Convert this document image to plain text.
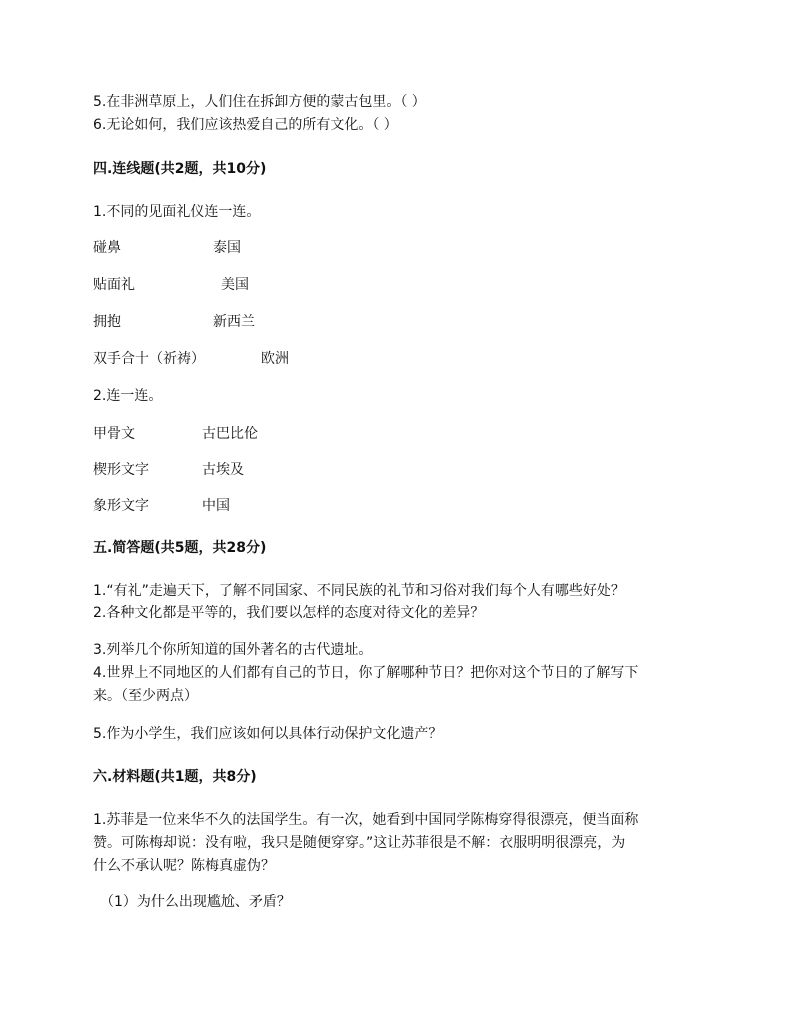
5.在非洲草原上，人们住在拆卸方便的蒙古包里。（ ）
6.无论如何，我们应该热爱自己的所有文化。（ ）
四.连线题(共2题，共10分)
1.不同的见面礼仪连一连。
碰鼻	泰国
贴面礼	美国
拥抱	新西兰
双手合十（祈祷）	欧洲
2.连一连。
甲骨文	古巴比伦
楔形文字	古埃及
象形文字	中国
五.简答题(共5题，共28分)
1.“有礼”走遍天下，了解不同国家、不同民族的礼节和习俗对我们每个人有哪些好处？
2.各种文化都是平等的，我们要以怎样的态度对待文化的差异？
3.列举几个你所知道的国外著名的古代遗址。
4.世界上不同地区的人们都有自己的节日，你了解哪种节日？把你对这个节日的了解写下
来。（至少两点）
5.作为小学生，我们应该如何以具体行动保护文化遗产？
六.材料题(共1题，共8分)
1.苏菲是一位来华不久的法国学生。有一次，她看到中国同学陈梅穿得很漂亮，便当面称
赞。可陈梅却说：没有啦，我只是随便穿穿。”这让苏菲很是不解：衣服明明很漂亮，为
什么不承认呢？陈梅真虚伪？
（1）为什么出现尴尬、矛盾？
